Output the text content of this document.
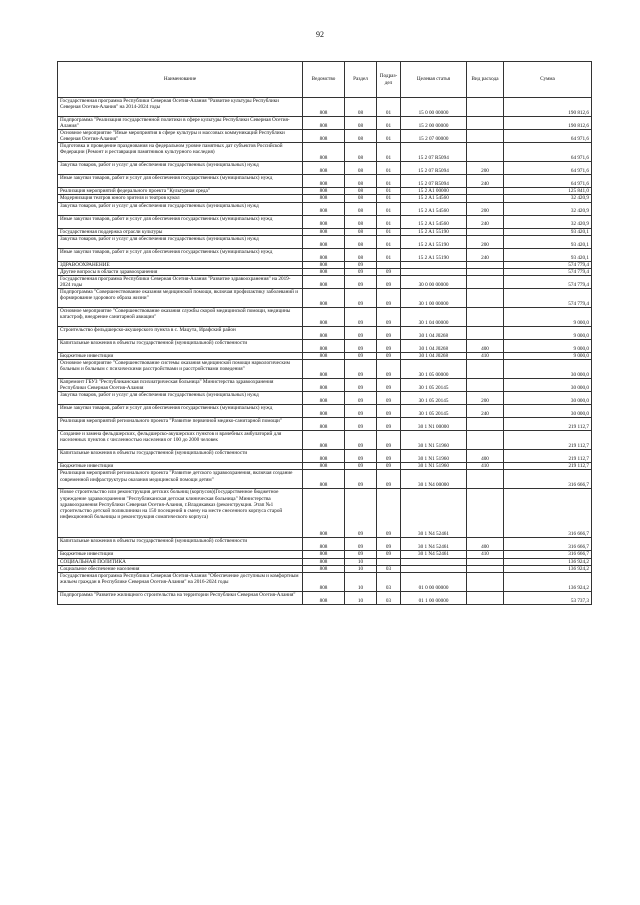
92
Наименование	Ведомство	Раздел	Подраз-дел	Целевая статья	Вид расхода	Сумма
Государственная программа Республики Северная Осетия-Алания "Развитие культуры Республики Северная Осетия-Алания" на 2014-2024 годы	808	08	01	15 0 00 00000		190 812,6
Подпрограмма "Реализация государственной политики в сфере культуры Республики Северная Осетия-Алания"	808	08	01	15 2 00 00000		190 812,6
Основное мероприятие "Иные мероприятия в сфере культуры и массовых коммуникаций Республики Северная Осетия-Алания"	808	08	01	15 2 07 00000		64 971,6
Подготовка и проведение празднования на федеральном уровне памятных дат субъектов Российской Федерации (Ремонт и реставрация памятников культурного наследия)	808	08	01	15 2 07 R5094		64 971,6
Закупка товаров, работ и услуг для обеспечения государственных (муниципальных) нужд	808	08	01	15 2 07 R5094	200	64 971,6
Иные закупки товаров, работ и услуг для обеспечения государственных (муниципальных) нужд	808	08	01	15 2 07 R5094	240	64 971,6
Реализация мероприятий федерального проекта "Культурная среда"	808	08	01	15 2 A1 00000		125 841,0
Модернизация театров юного зрителя и театров кукол	808	08	01	15 2 A1 54560		32 420,9
Закупка товаров, работ и услуг для обеспечения государственных (муниципальных) нужд	808	08	01	15 2 A1 54560	200	32 420,9
Иные закупки товаров, работ и услуг для обеспечения государственных (муниципальных) нужд	808	08	01	15 2 A1 54560	240	32 420,9
Государственная поддержка отрасли культуры	808	08	01	15 2 A1 55190		93 420,1
Закупка товаров, работ и услуг для обеспечения государственных (муниципальных) нужд	808	08	01	15 2 A1 55190	200	93 420,1
Иные закупки товаров, работ и услуг для обеспечения государственных (муниципальных) нужд	808	08	01	15 2 A1 55190	240	93 420,1
ЗДРАВООХРАНЕНИЕ	808	09				574 779,4
Другие вопросы в области здравоохранения	808	09	09			574 779,4
Государственная программа Республики Северная Осетия-Алания "Развитие здравоохранения" на 2019-2024 годы	808	09	09	30 0 00 00000		574 779,4
Подпрограмма "Совершенствование оказания медицинской помощи, включая профилактику заболеваний и формирование здорового образа жизни"	808	09	09	30 1 00 00000		574 779,4
Основное мероприятие "Совершенствование оказания службы скорой медицинской помощи, медицины катастроф, внедрение санитарной авиации"	808	09	09	30 1 04 00000		9 000,0
Строительство фельдшерско-акушерского пункта в с. Мацута, Ирафский район	808	09	09	30 1 04 J0268		9 000,0
Капитальные вложения в объекты государственной (муниципальной) собственности	808	09	09	30 1 04 J0268	400	9 000,0
Бюджетные инвестиции	808	09	09	30 1 04 J0268	410	9 000,0
Основное мероприятие "Совершенствование системы оказания медицинской помощи наркологическим больным и больным с психическими расстройствами и расстройствами поведения"	808	09	09	30 1 05 00000		30 000,0
Капремонт ГБУЗ "Республиканская психиатрическая больница" Министерства здравоохранения Республики Северная Осетия-Алания	808	09	09	30 1 05 20145		30 000,0
Закупка товаров, работ и услуг для обеспечения государственных (муниципальных) нужд	808	09	09	30 1 05 20145	200	30 000,0
Иные закупки товаров, работ и услуг для обеспечения государственных (муниципальных) нужд	808	09	09	30 1 05 20145	240	30 000,0
Реализация мероприятий регионального проекта "Развитие первичной медико-санитарной помощи"	808	09	09	30 1 N1 00000		219 112,7
Создание и замена фельдшерских, фельдшерско-акушерских пунктов и врачебных амбулаторий для населенных пунктов с численностью населения от 100 до 2000 человек	808	09	09	30 1 N1 51960		219 112,7
Капитальные вложения в объекты государственной (муниципальной) собственности	808	09	09	30 1 N1 51960	400	219 112,7
Бюджетные инвестиции	808	09	09	30 1 N1 51960	410	219 112,7
Реализация мероприятий регионального проекта "Развитие детского здравоохранения, включая создание современной инфраструктуры оказания медицинской помощи детям"	808	09	09	30 1 N4 00000		316 666,7
Новое строительство или реконструкция детских больниц (корпусов)(Государственное бюджетное учреждение здравоохранения "Республиканская детская клиническая больница" Министерства здравоохранения Республики Северная Осетия-Алания, г.Владикавказ (реконструкция. Этап №1 строительство детской поликлиники на 150 посещений в смену на месте снесенного корпуса старой инфекционной больницы и реконструкция соматического корпуса)	808	09	09	30 1 N4 52461		316 666,7
Капитальные вложения в объекты государственной (муниципальной) собственности	808	09	09	30 1 N4 52461	400	316 666,7
Бюджетные инвестиции	808	09	09	30 1 N4 52461	410	316 666,7
СОЦИАЛЬНАЯ ПОЛИТИКА	808	10				136 924,2
Социальное обеспечение населения	808	10	03			136 924,2
Государственная программа Республики Северная Осетия-Алания "Обеспечение доступным и комфортным жильем граждан в Республике Северная Осетия-Алания" на 2016-2024 годы	808	10	03	01 0 00 00000		136 924,2
Подпрограмма "Развитие жилищного строительства на территории Республики Северная Осетия-Алания"	808	10	03	01 1 00 00000		53 737,3
